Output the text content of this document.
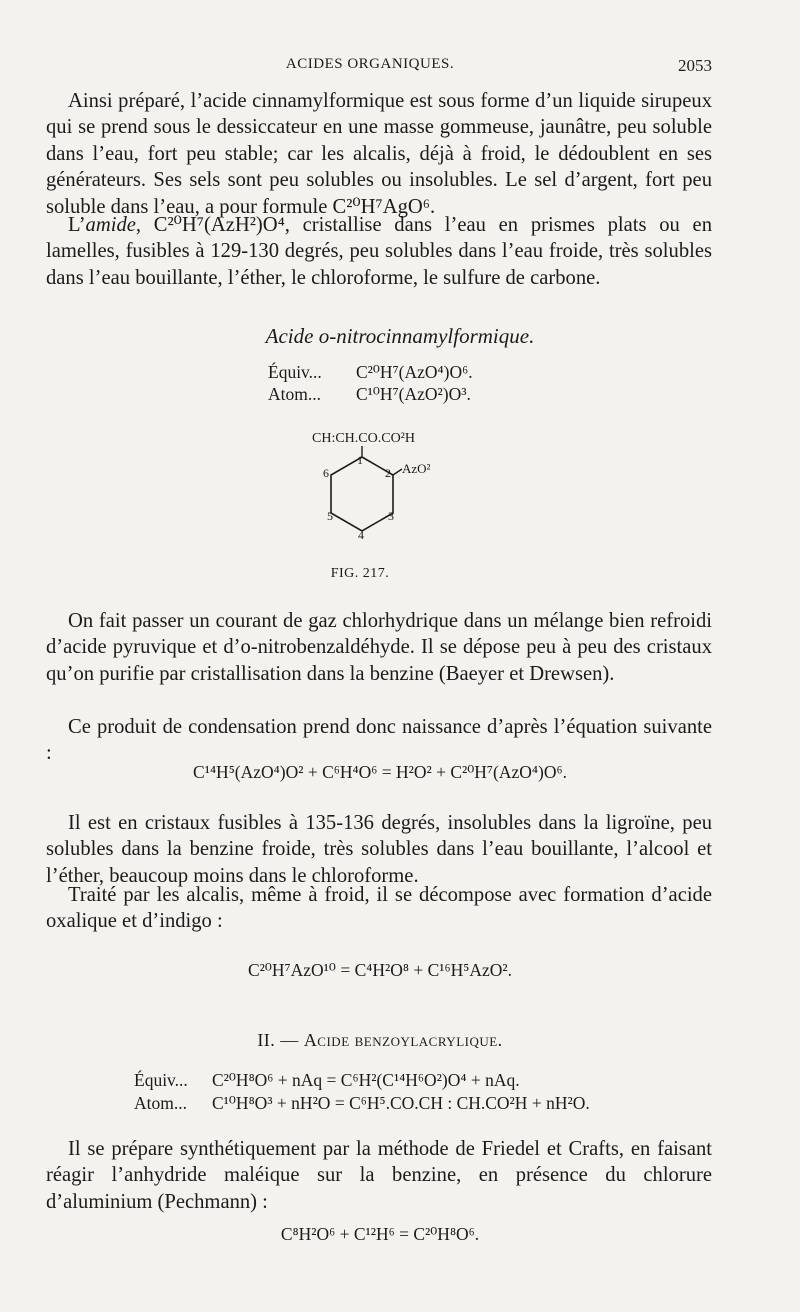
ACIDES ORGANIQUES.	2053

Ainsi préparé, l’acide cinnamylformique est sous forme d’un liquide sirupeux qui se prend sous le dessiccateur en une masse gommeuse, jaunâtre, peu soluble dans l’eau, fort peu stable; car les alcalis, déjà à froid, le dédoublent en ses générateurs. Ses sels sont peu solubles ou insolubles. Le sel d’argent, fort peu soluble dans l’eau, a pour formule C²⁰H⁷AgO⁶.

L’amide, C²⁰H⁷(AzH²)O⁴, cristallise dans l’eau en prismes plats ou en lamelles, fusibles à 129-130 degrés, peu solubles dans l’eau froide, très solubles dans l’eau bouillante, l’éther, le chloroforme, le sulfure de carbone.

Acide o-nitrocinnamylformique.
Équiv... C²⁰H⁷(AzO⁴)O⁶.
Atom... C¹⁰H⁷(AzO²)O³.
CH:CH.CO.CO²H
AzO²
1
2
3
4
5
6
FIG. 217.

On fait passer un courant de gaz chlorhydrique dans un mélange bien refroidi d’acide pyruvique et d’o-nitrobenzaldéhyde. Il se dépose peu à peu des cristaux qu’on purifie par cristallisation dans la benzine (Baeyer et Drewsen).

Ce produit de condensation prend donc naissance d’après l’équation suivante :

C¹⁴H⁵(AzO⁴)O² + C⁶H⁴O⁶ = H²O² + C²⁰H⁷(AzO⁴)O⁶.

Il est en cristaux fusibles à 135-136 degrés, insolubles dans la ligroïne, peu solubles dans la benzine froide, très solubles dans l’eau bouillante, l’alcool et l’éther, beaucoup moins dans le chloroforme.

Traité par les alcalis, même à froid, il se décompose avec formation d’acide oxalique et d’indigo :

C²⁰H⁷AzO¹⁰ = C⁴H²O⁸ + C¹⁶H⁵AzO².
II. — Acide benzoylacrylique.
Équiv... C²⁰H⁸O⁶ + nAq = C⁶H²(C¹⁴H⁶O²)O⁴ + nAq.
Atom... C¹⁰H⁸O³ + nH²O = C⁶H⁵.CO.CH : CH.CO²H + nH²O.

Il se prépare synthétiquement par la méthode de Friedel et Crafts, en faisant réagir l’anhydride maléique sur la benzine, en présence du chlorure d’aluminium (Pechmann) :

C⁸H²O⁶ + C¹²H⁶ = C²⁰H⁸O⁶.
